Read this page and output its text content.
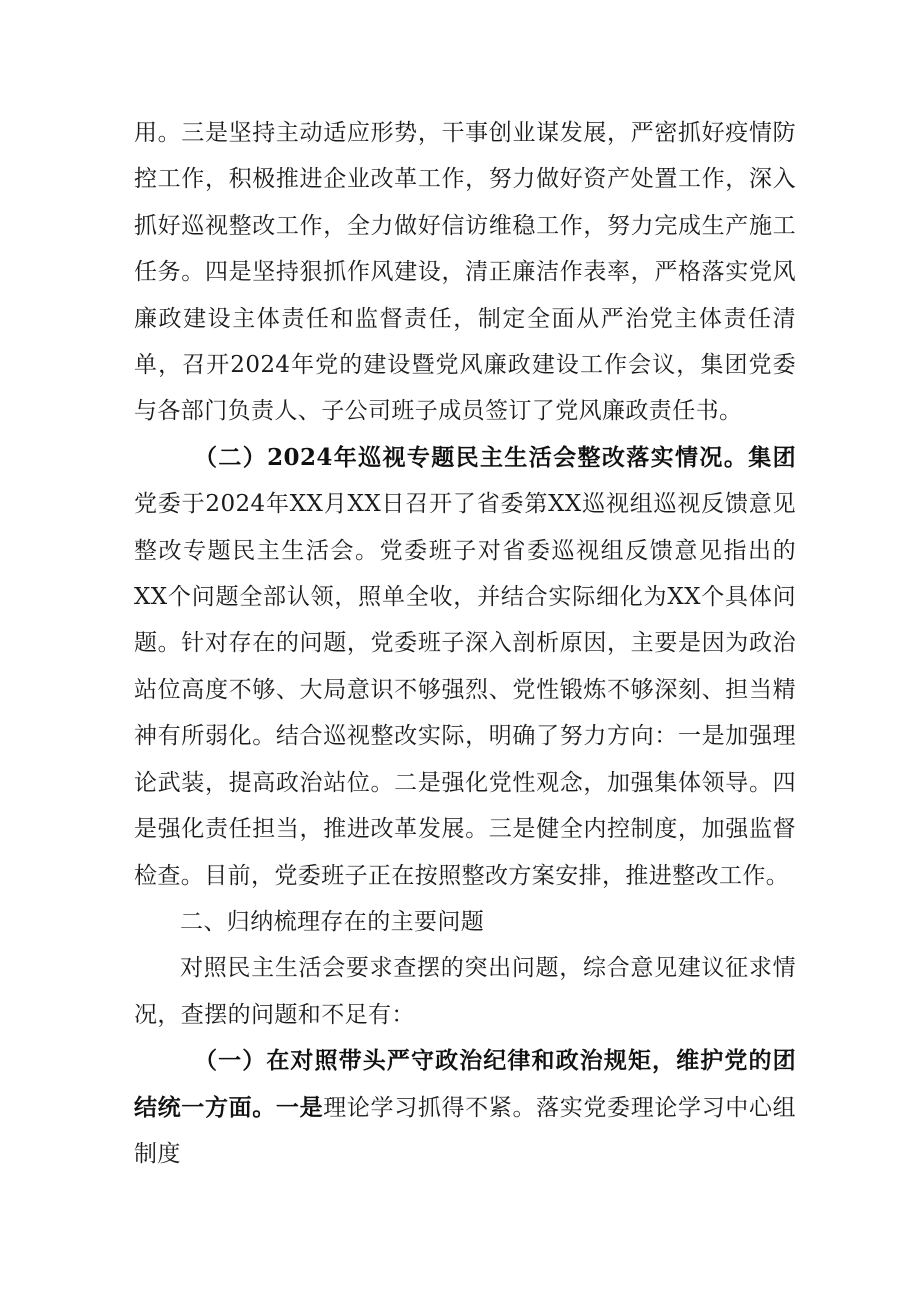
用。三是坚持主动适应形势，干事创业谋发展，严密抓好疫情防控工作，积极推进企业改革工作，努力做好资产处置工作，深入抓好巡视整改工作，全力做好信访维稳工作，努力完成生产施工任务。四是坚持狠抓作风建设，清正廉洁作表率，严格落实党风廉政建设主体责任和监督责任，制定全面从严治党主体责任清单，召开2024年党的建设暨党风廉政建设工作会议，集团党委与各部门负责人、子公司班子成员签订了党风廉政责任书。

（二）2024年巡视专题民主生活会整改落实情况。集团党委于2024年XX月XX日召开了省委第XX巡视组巡视反馈意见整改专题民主生活会。党委班子对省委巡视组反馈意见指出的XX个问题全部认领，照单全收，并结合实际细化为XX个具体问题。针对存在的问题，党委班子深入剖析原因，主要是因为政治站位高度不够、大局意识不够强烈、党性锻炼不够深刻、担当精神有所弱化。结合巡视整改实际，明确了努力方向：一是加强理论武装，提高政治站位。二是强化党性观念，加强集体领导。四是强化责任担当，推进改革发展。三是健全内控制度，加强监督检查。目前，党委班子正在按照整改方案安排，推进整改工作。

二、归纳梳理存在的主要问题

对照民主生活会要求查摆的突出问题，综合意见建议征求情况，查摆的问题和不足有：

（一）在对照带头严守政治纪律和政治规矩，维护党的团结统一方面。一是理论学习抓得不紧。落实党委理论学习中心组制度
